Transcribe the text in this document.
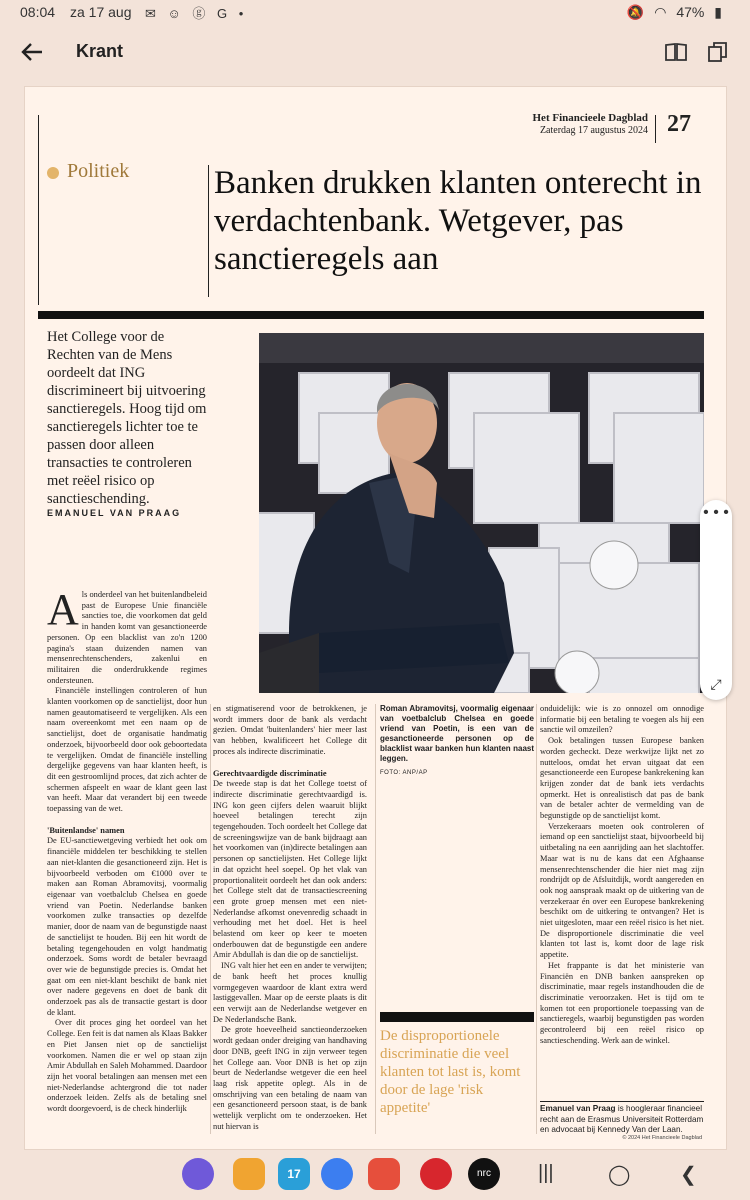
08:04 za 17 aug ✉ ☺ ⓖ G •	🔕 ◠ 47% ▮
Krant
Het Financieele Dagblad
Zaterdag 17 augustus 2024 27
Politiek	Banken drukken klanten onterecht in verdachtenbank. Wetgever, pas sanctieregels aan
Het College voor de Rechten van de Mens oordeelt dat ING discrimineert bij uitvoering sanctieregels. Hoog tijd om sanctieregels lichter toe te passen door alleen transacties te controleren met reëel risico op sanctieschending.
EMANUEL VAN PRAAG

Als onderdeel van het buitenlandbeleid past de Europese Unie financiële sancties toe, die voorkomen dat geld in handen komt van gesanctioneerde personen. Op een blacklist van zo'n 1200 pagina's staan duizenden namen van mensenrechtenschenders, zakenlui en militairen die onderdrukkende regimes ondersteunen.

Financiële instellingen controleren of hun klanten voorkomen op de sanctielijst, door hun namen geautomatiseerd te vergelijken. Als een naam overeenkomt met een naam op de sanctielijst, doet de organisatie handmatig onderzoek, bijvoorbeeld door ook geboortedata te vergelijken. Omdat de financiële instelling dergelijke gegevens van haar klanten heeft, is dit een gestroomlijnd proces, dat zich achter de schermen afspeelt en waar de klant geen last van heeft. Maar dat verandert bij een tweede toepassing van de wet.

'Buitenlandse' namen

De EU-sanctiewetgeving verbiedt het ook om financiële middelen ter beschikking te stellen aan niet-klanten die gesanctioneerd zijn. Het is bijvoorbeeld verboden om €1000 over te maken aan Roman Abramovitsj, voormalig eigenaar van voetbalclub Chelsea en goede vriend van Poetin. Nederlandse banken voorkomen zulke transacties op dezelfde manier, door de naam van de begunstigde naast de sanctielijst te houden. Bij een hit wordt de betaling tegengehouden en volgt handmatig onderzoek. Soms wordt de betaler bevraagd over wie de begunstigde precies is. Omdat het gaat om een niet-klant beschikt de bank niet over nadere gegevens en doet de bank dit onderzoek pas als de transactie gestart is door de klant.

Over dit proces ging het oordeel van het College. Een feit is dat namen als Klaas Bakker en Piet Jansen niet op de sanctielijst voorkomen. Namen die er wel op staan zijn Amir Abdullah en Saleh Mohammed. Daardoor zijn het vooral betalingen aan mensen met een niet-Nederlandse achtergrond die tot nader onderzoek leiden. Zelfs als de betaling snel wordt doorgevoerd, is de check hinderlijk

en stigmatiserend voor de betrokkenen, je wordt immers door de bank als verdacht gezien. Omdat 'buitenlanders' hier meer last van hebben, kwalificeert het College dit proces als indirecte discriminatie.

Gerechtvaardigde discriminatie

De tweede stap is dat het College toetst of indirecte discriminatie gerechtvaardigd is. ING kon geen cijfers delen waaruit blijkt hoeveel betalingen terecht zijn tegengehouden. Toch oordeelt het College dat de screeningswijze van de bank bijdraagt aan het voorkomen van (in)directe betalingen aan personen op sanctielijsten. Het College lijkt in dat opzicht heel soepel. Op het vlak van proportionaliteit oordeelt het dan ook anders: het College stelt dat de transactiescreening een grote groep mensen met een niet-Nederlandse afkomst onevenredig schaadt in verhouding met het doel. Het is heel belastend om keer op keer te moeten onderbouwen dat de begunstigde een andere Amir Abdullah is dan die op de sanctielijst.

ING valt hier het een en ander te verwijten; de bank heeft het proces knullig vormgegeven waardoor de klant extra werd lastiggevallen. Maar op de eerste plaats is dit een verwijt aan de Nederlandse wetgever en De Nederlandsche Bank.

De grote hoeveelheid sanctieonderzoeken wordt gedaan onder dreiging van handhaving door DNB, geeft ING in zijn verweer tegen het College aan. Voor DNB is het op zijn beurt de Nederlandse wetgever die een heel laag risk appetite oplegt. Als in de omschrijving van een betaling de naam van een gesanctioneerd persoon staat, is de bank wettelijk verplicht om te onderzoeken. Het nut hiervan is

Roman Abramovitsj, voormalig eigenaar van voetbalclub Chelsea en goede vriend van Poetin, is een van de gesanctioneerde personen op de blacklist waar banken hun klanten naast leggen.

FOTO: ANP/AP

De disproportionele discriminatie die veel klanten tot last is, komt door de lage 'risk appetite'

onduidelijk: wie is zo onnozel om onnodige informatie bij een betaling te voegen als hij een sanctie wil omzeilen?

Ook betalingen tussen Europese banken worden gecheckt. Deze werkwijze lijkt net zo nutteloos, omdat het ervan uitgaat dat een gesanctioneerde een Europese bankrekening kan krijgen zonder dat de bank iets verdachts opmerkt. Het is onrealistisch dat pas de bank van de betaler achter de vermelding van de begunstigde op de sanctielijst komt.

Verzekeraars moeten ook controleren of iemand op een sanctielijst staat, bijvoorbeeld bij uitbetaling na een aanrijding aan het slachtoffer. Maar wat is nu de kans dat een Afghaanse mensenrechtenschender die hier niet mag zijn rondrijdt op de Afsluitdijk, wordt aangereden en ook nog aanspraak maakt op de uitkering van de verzekeraar én over een Europese bankrekening beschikt om de uitkering te ontvangen? Het is niet uitgesloten, maar een reëel risico is het niet. De disproportionele discriminatie die veel klanten tot last is, komt door de lage risk appetite.

Het frappante is dat het ministerie van Financiën en DNB banken aanspreken op discriminatie, maar regels instandhouden die de discriminatie veroorzaken. Het is tijd om te komen tot een proportionele toepassing van de sanctieregels, waarbij begunstigden pas worden gecontroleerd bij een reëel risico op sanctieschending. Werk aan de winkel.

Emanuel van Praag is hoogleraar financieel recht aan de Erasmus Universiteit Rotterdam en advocaat bij Kennedy Van der Laan.
© 2024 Het Financieele Dagblad
• • •
⤢
17	nrc	|||	◯ ❮
